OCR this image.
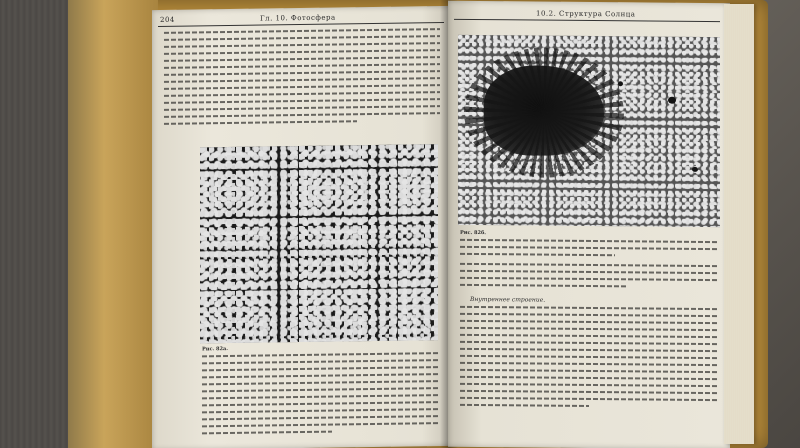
204	Гл. 10. Фотосфера
Рис. 82а.
10.2. Структура Солнца
Рис. 82б.
Внутреннее строение.
